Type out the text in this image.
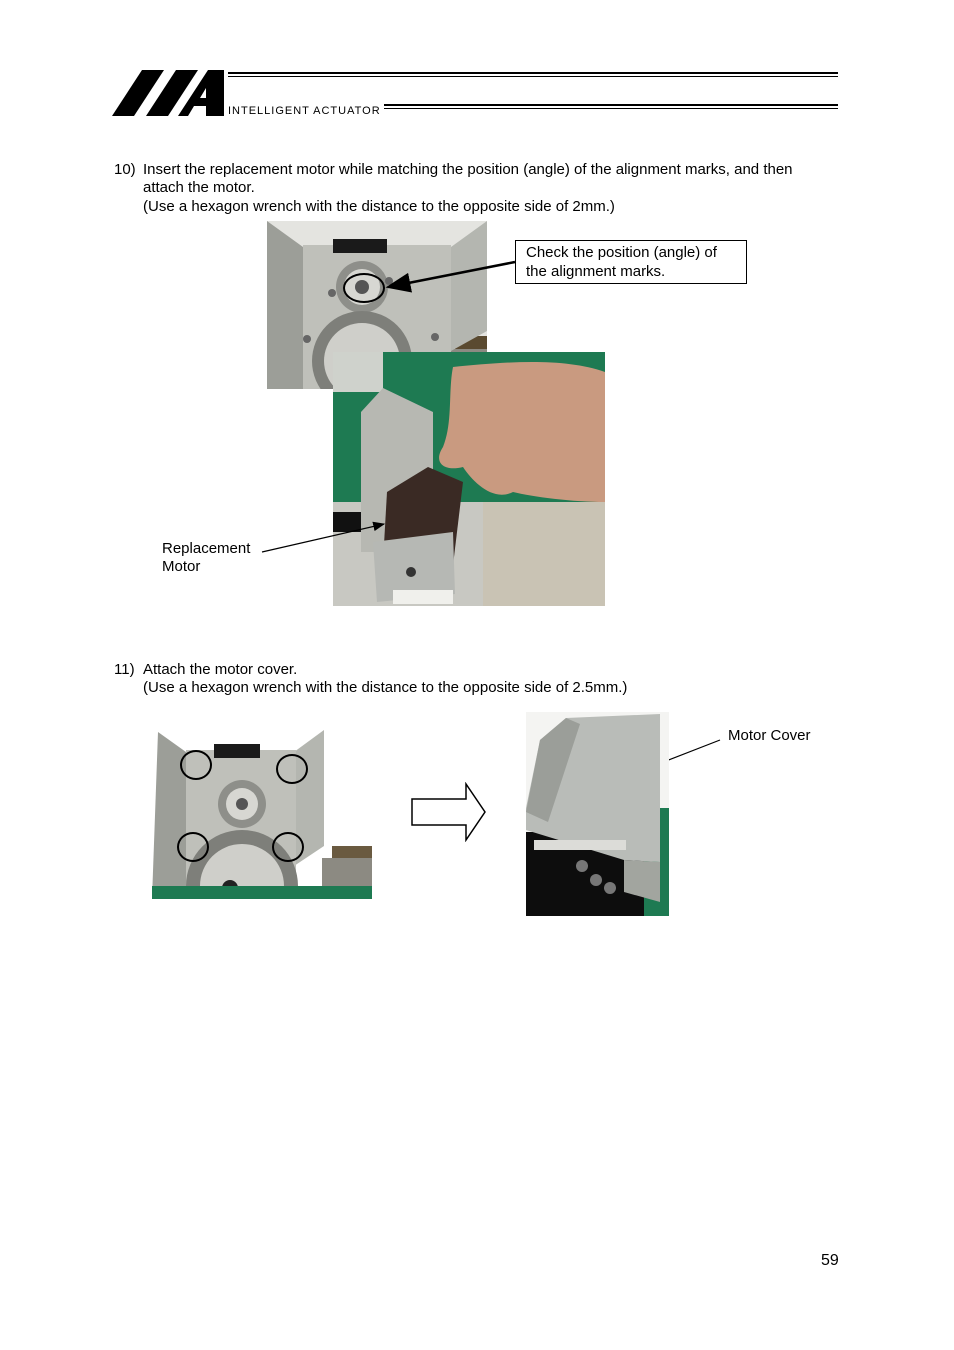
INTELLIGENT ACTUATOR
10) Insert the replacement motor while matching the position (angle) of the alignment marks, and then
attach the motor.
(Use a hexagon wrench with the distance to the opposite side of 2mm.)
Check the position (angle) of
the alignment marks.
Replacement
Motor
11) Attach the motor cover.
(Use a hexagon wrench with the distance to the opposite side of 2.5mm.)
Motor Cover
59
